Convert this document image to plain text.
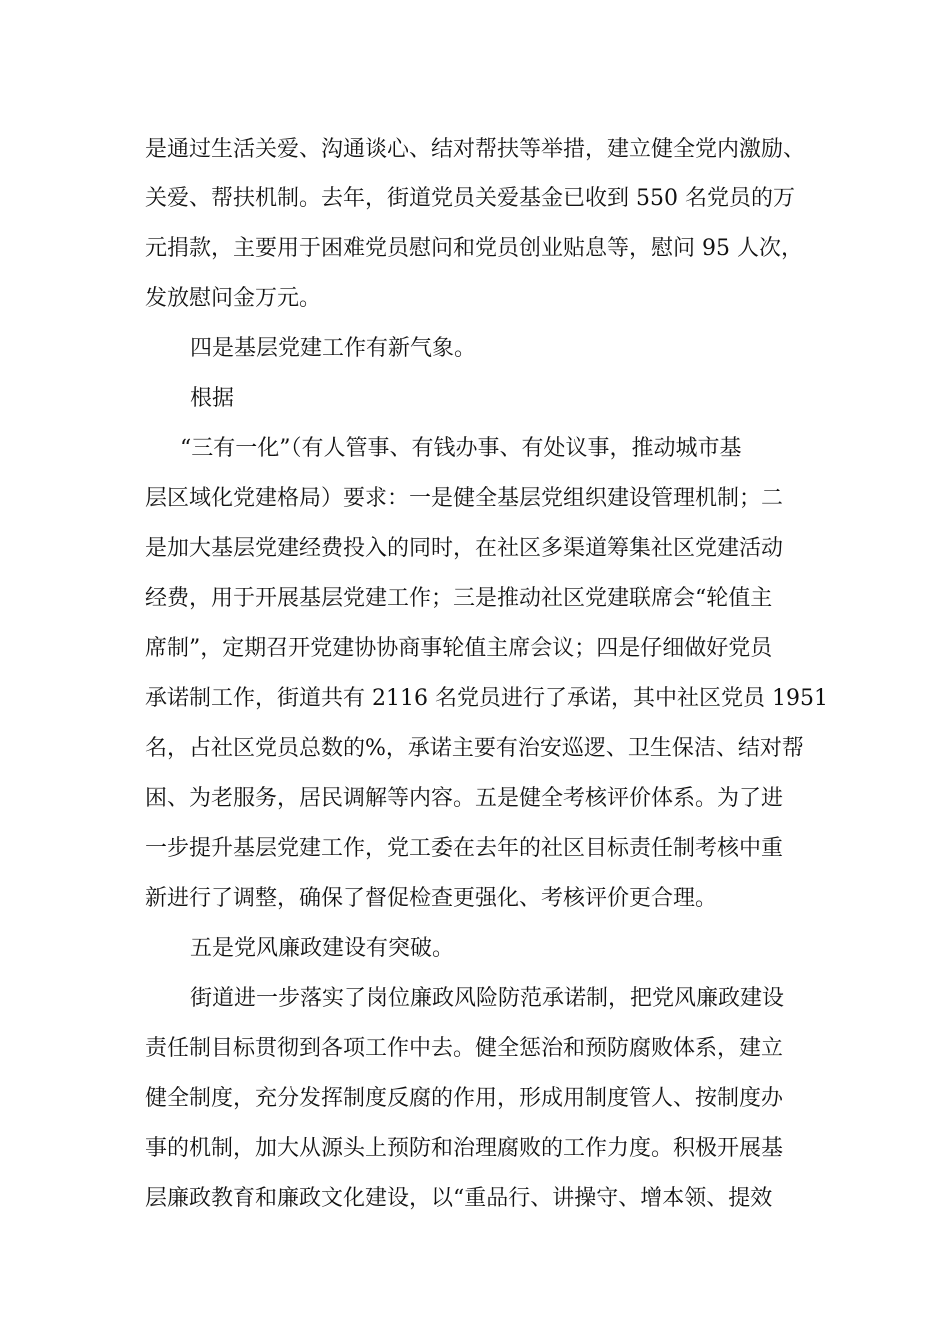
是通过生活关爱、沟通谈心、结对帮扶等举措，建立健全党内激励、
关爱、帮扶机制。去年，街道党员关爱基金已收到 550 名党员的万
元捐款，主要用于困难党员慰问和党员创业贴息等，慰问 95 人次，
发放慰问金万元。
四是基层党建工作有新气象。
根据
“三有一化”（有人管事、有钱办事、有处议事，推动城市基
层区域化党建格局）要求：一是健全基层党组织建设管理机制；二
是加大基层党建经费投入的同时，在社区多渠道筹集社区党建活动
经费，用于开展基层党建工作；三是推动社区党建联席会“轮值主
席制”，定期召开党建协协商事轮值主席会议；四是仔细做好党员
承诺制工作，街道共有 2116 名党员进行了承诺，其中社区党员 1951
名，占社区党员总数的%，承诺主要有治安巡逻、卫生保洁、结对帮
困、为老服务，居民调解等内容。五是健全考核评价体系。为了进
一步提升基层党建工作，党工委在去年的社区目标责任制考核中重
新进行了调整，确保了督促检查更强化、考核评价更合理。
五是党风廉政建设有突破。
街道进一步落实了岗位廉政风险防范承诺制，把党风廉政建设
责任制目标贯彻到各项工作中去。健全惩治和预防腐败体系，建立
健全制度，充分发挥制度反腐的作用，形成用制度管人、按制度办
事的机制，加大从源头上预防和治理腐败的工作力度。积极开展基
层廉政教育和廉政文化建设，以“重品行、讲操守、增本领、提效
